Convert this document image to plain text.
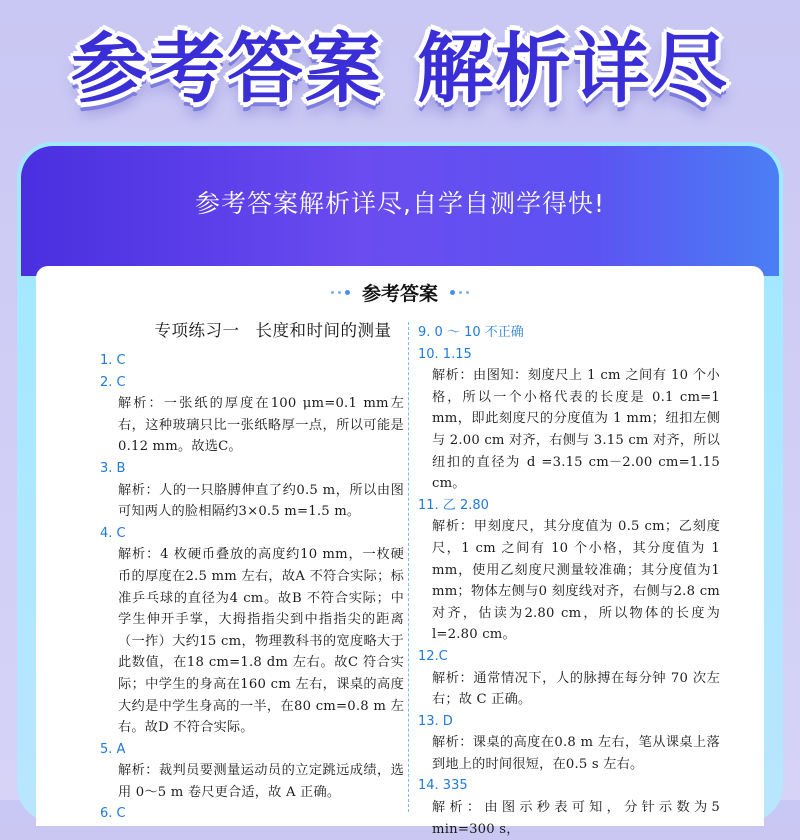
参考答案 解析详尽
参考答案解析详尽,自学自测学得快!
参考答案
专项练习一 长度和时间的测量
1. C
2. C
解析：一张纸的厚度在100 μm=0.1 mm左右，这种玻璃只比一张纸略厚一点，所以可能是0.12 mm。故选C。
3. B
解析：人的一只胳膊伸直了约0.5 m，所以由图可知两人的脸相隔约3×0.5 m=1.5 m。
4. C
解析：4 枚硬币叠放的高度约10 mm，一枚硬币的厚度在2.5 mm 左右，故A 不符合实际；标准乒乓球的直径为4 cm。故B 不符合实际；中学生伸开手掌，大拇指指尖到中指指尖的距离（一拃）大约15 cm，物理教科书的宽度略大于此数值，在18 cm=1.8 dm 左右。故C 符合实际；中学生的身高在160 cm 左右，课桌的高度大约是中学生身高的一半，在80 cm=0.8 m 左右。故D 不符合实际。
5. A
解析：裁判员要测量运动员的立定跳远成绩，选用 0～5 m 卷尺更合适，故 A 正确。
6. C
9. 0 ～ 10 不正确
10. 1.15
解析：由图知：刻度尺上 1 cm 之间有 10 个小格，所以一个小格代表的长度是 0.1 cm=1 mm，即此刻度尺的分度值为 1 mm；纽扣左侧与 2.00 cm 对齐，右侧与 3.15 cm 对齐，所以纽扣的直径为 d =3.15 cm－2.00 cm=1.15 cm。
11. 乙 2.80
解析：甲刻度尺，其分度值为 0.5 cm；乙刻度尺，1 cm 之间有 10 个小格，其分度值为 1 mm，使用乙刻度尺测量较准确；其分度值为1 mm；物体左侧与0 刻度线对齐，右侧与2.8 cm 对齐，估读为2.80 cm，所以物体的长度为 l=2.80 cm。
12.C
解析：通常情况下，人的脉搏在每分钟 70 次左右；故 C 正确。
13. D
解析：课桌的高度在0.8 m 左右，笔从课桌上落到地上的时间很短，在0.5 s 左右。
14. 335
解析：由图示秒表可知，分针示数为5 min=300 s，
